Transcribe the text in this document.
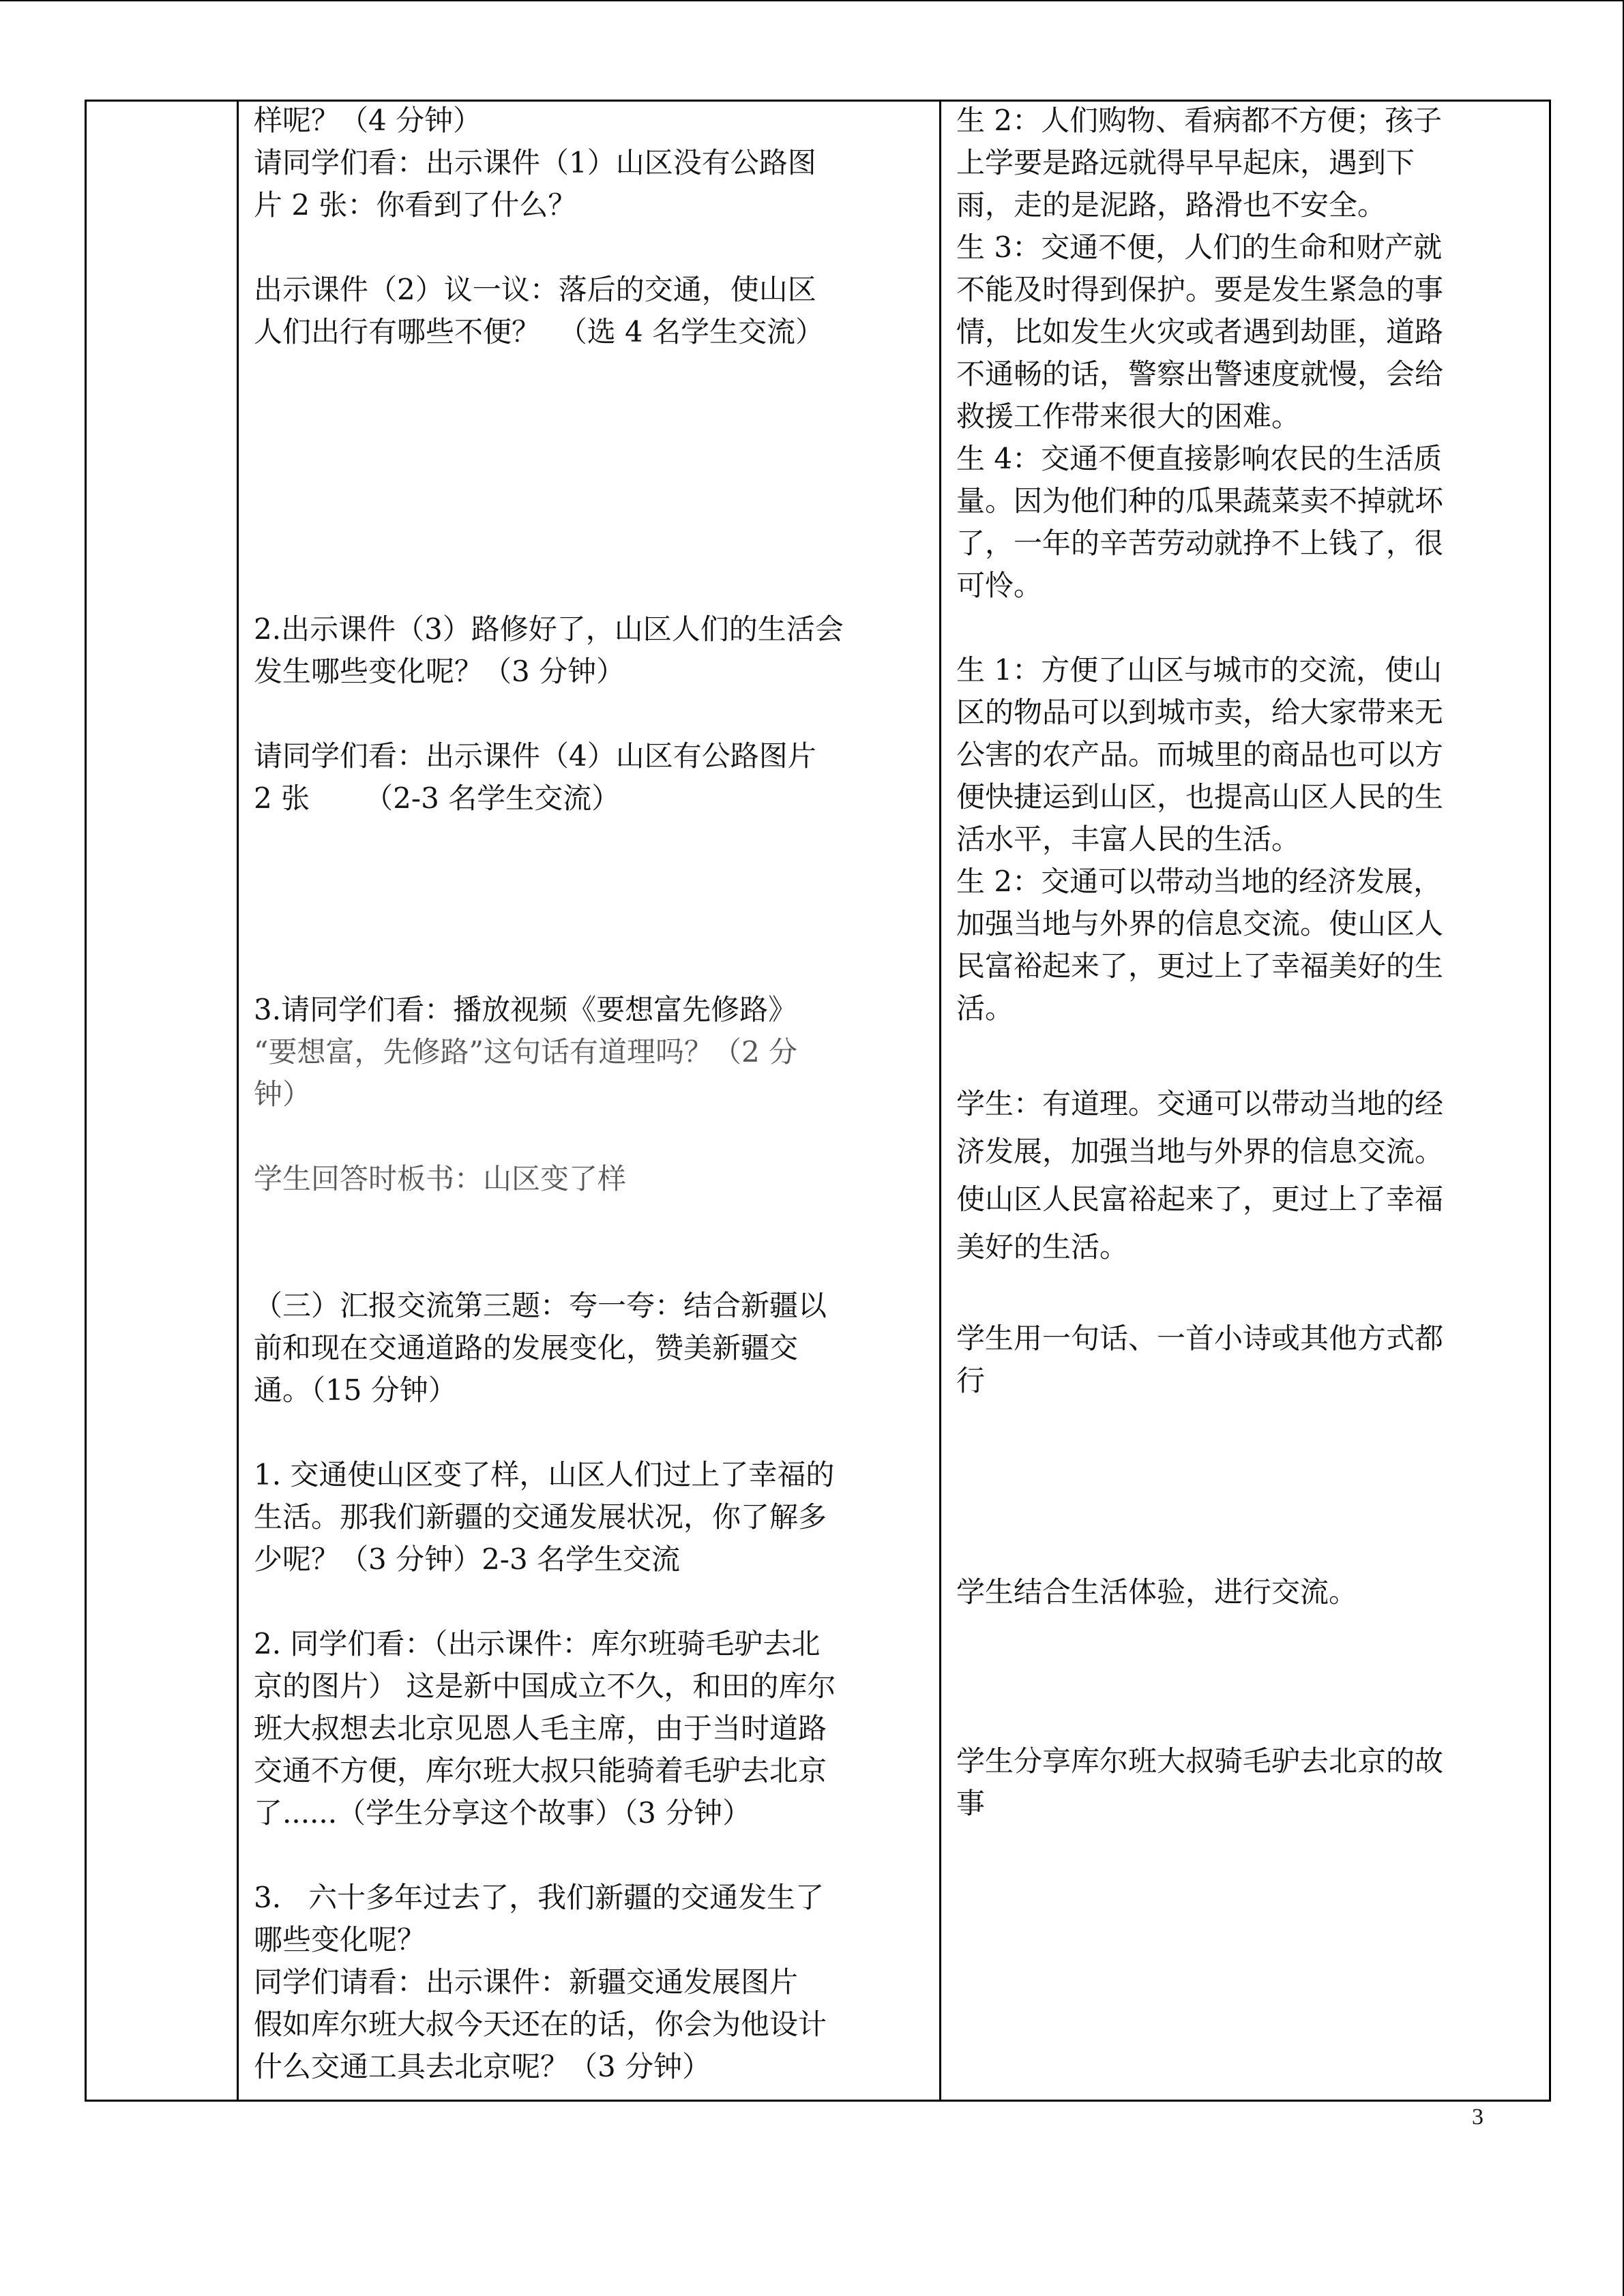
样呢？（4 分钟）
请同学们看：出示课件（1）山区没有公路图
片 2 张：你看到了什么？
出示课件（2）议一议：落后的交通，使山区
人们出行有哪些不便？  （选 4 名学生交流）
2.出示课件（3）路修好了，山区人们的生活会
发生哪些变化呢？（3 分钟）
请同学们看：出示课件（4）山区有公路图片
2 张      （2-3 名学生交流）
3.请同学们看：播放视频《要想富先修路》
“要想富，先修路”这句话有道理吗？（2 分
钟）
学生回答时板书：山区变了样
（三）汇报交流第三题：夸一夸：结合新疆以
前和现在交通道路的发展变化，赞美新疆交
通。（15 分钟）
1. 交通使山区变了样，山区人们过上了幸福的
生活。那我们新疆的交通发展状况，你了解多
少呢？（3 分钟）2-3 名学生交流
2. 同学们看：（出示课件：库尔班骑毛驴去北
京的图片） 这是新中国成立不久，和田的库尔
班大叔想去北京见恩人毛主席，由于当时道路
交通不方便，库尔班大叔只能骑着毛驴去北京
了......（学生分享这个故事）（3 分钟）
3.   六十多年过去了，我们新疆的交通发生了
哪些变化呢？
同学们请看：出示课件：新疆交通发展图片
假如库尔班大叔今天还在的话，你会为他设计
什么交通工具去北京呢？（3 分钟）

生 2：人们购物、看病都不方便；孩子
上学要是路远就得早早起床，遇到下
雨，走的是泥路，路滑也不安全。
生 3：交通不便，人们的生命和财产就
不能及时得到保护。要是发生紧急的事
情，比如发生火灾或者遇到劫匪，道路
不通畅的话，警察出警速度就慢，会给
救援工作带来很大的困难。
生 4：交通不便直接影响农民的生活质
量。因为他们种的瓜果蔬菜卖不掉就坏
了，一年的辛苦劳动就挣不上钱了，很
可怜。
生 1：方便了山区与城市的交流，使山
区的物品可以到城市卖，给大家带来无
公害的农产品。而城里的商品也可以方
便快捷运到山区，也提高山区人民的生
活水平，丰富人民的生活。
生 2：交通可以带动当地的经济发展，
加强当地与外界的信息交流。使山区人
民富裕起来了，更过上了幸福美好的生
活。
学生：有道理。交通可以带动当地的经
济发展，加强当地与外界的信息交流。
使山区人民富裕起来了，更过上了幸福
美好的生活。
学生用一句话、一首小诗或其他方式都
行
学生结合生活体验，进行交流。
学生分享库尔班大叔骑毛驴去北京的故
事
3
